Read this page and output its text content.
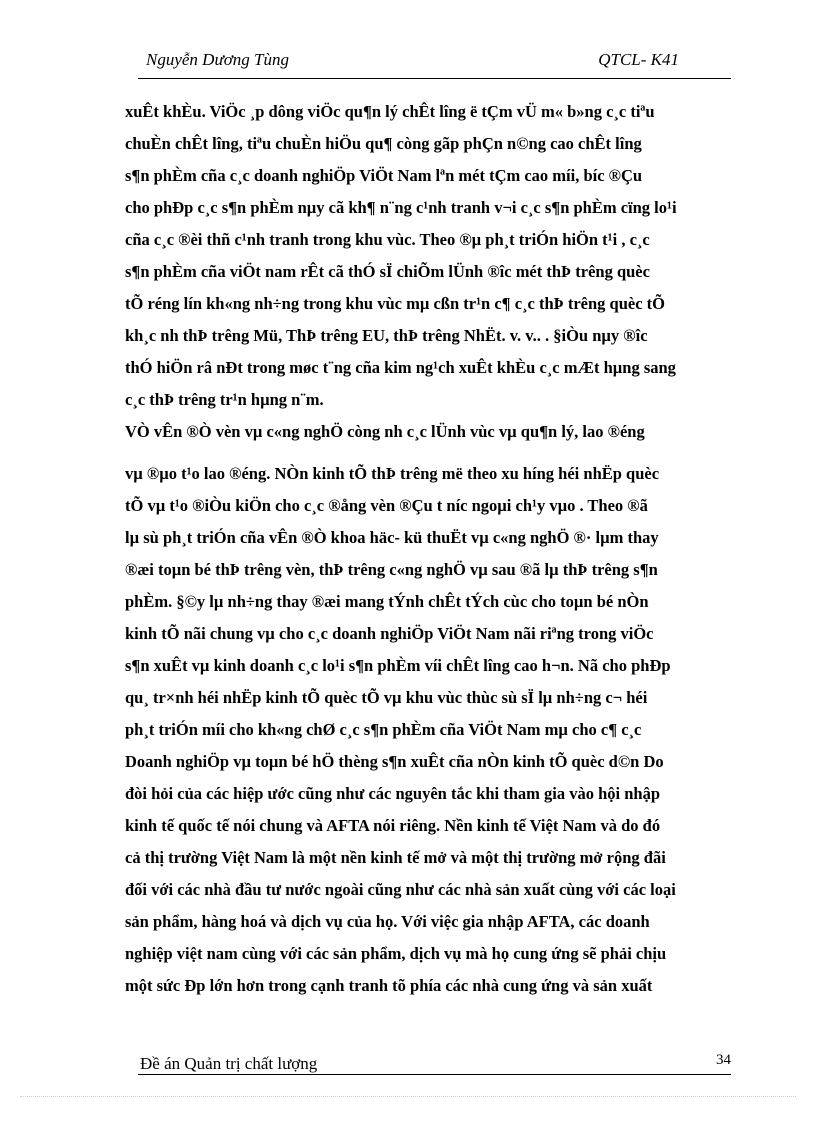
Nguyễn Dương Tùng	QTCL- K41
xuÊt khÈu. ViÖc ¸p dông viÖc qu¶n lý chÊt lîng ë tÇm vÜ m« b»ng c¸c tiªu
chuÈn chÊt lîng, tiªu chuÈn hiÖu qu¶ còng gãp phÇn n©ng cao chÊt lîng
s¶n phÈm cña c¸c doanh nghiÖp ViÖt Nam lªn mét tÇm cao míi, bíc ®Çu
cho phÐp c¸c s¶n phÈm nµy cã kh¶ n¨ng c¹nh tranh v¬i c¸c s¶n phÈm cïng lo¹i
cña c¸c ®èi thñ c¹nh tranh trong khu vùc. Theo ®µ ph¸t triÓn hiÖn t¹i , c¸c
s¶n phÈm cña viÖt nam rÊt cã thÓ sÏ chiÕm lÜnh ®îc mét thÞ trêng quèc
tÕ réng lín kh«ng nh÷ng trong khu vùc mµ cßn tr¹n c¶ c¸c thÞ trêng quèc tÕ
kh¸c nh thÞ trêng Mü, ThÞ trêng EU, thÞ trêng NhËt. v. v.. . §iÒu nµy ®îc
thÓ hiÖn râ nÐt trong møc t¨ng cña kim ng¹ch xuÊt khÈu c¸c mÆt hµng sang
c¸c thÞ trêng tr¹n hµng n¨m.
VÒ vÊn ®Ò vèn vµ c«ng nghÖ còng nh c¸c lÜnh vùc vµ qu¶n lý, lao ®éng
vµ ®µo t¹o lao ®éng. NÒn kinh tÕ thÞ trêng më theo xu híng héi nhËp quèc
tÕ vµ t¹o ®iÒu kiÖn cho c¸c ®ång vèn ®Çu t níc ngoµi ch¹y vµo . Theo ®ã
lµ sù ph¸t triÓn cña vÊn ®Ò khoa häc- kü thuËt vµ c«ng nghÖ ®· lµm thay
®æi toµn bé thÞ trêng vèn, thÞ trêng c«ng nghÖ vµ sau ®ã lµ thÞ trêng s¶n
phÈm. §©y lµ nh÷ng thay ®æi mang tÝnh chÊt tÝch cùc cho toµn bé nÒn
kinh tÕ nãi chung vµ cho c¸c doanh nghiÖp ViÖt Nam nãi riªng trong viÖc
s¶n xuÊt vµ kinh doanh c¸c lo¹i s¶n phÈm víi chÊt lîng cao h¬n. Nã cho phÐp
qu¸ tr×nh héi nhËp kinh tÕ quèc tÕ vµ khu vùc thùc sù sÏ lµ nh÷ng c¬ héi
ph¸t triÓn míi cho kh«ng chØ c¸c s¶n phÈm cña ViÖt Nam mµ cho c¶ c¸c
Doanh nghiÖp vµ toµn bé hÖ thèng s¶n xuÊt cña nÒn kinh tÕ quèc d©n Do
đòi hỏi của các hiệp ước cũng như các nguyên tắc khi tham gia vào hội nhập
kinh tế quốc tế nói chung và AFTA nói riêng. Nền kinh tế Việt Nam và do đó
cả thị trường Việt Nam là một nền kinh tế mở và một thị trường mở rộng đãi
đối với các nhà đầu tư nước ngoài cũng như các nhà sản xuất cùng với các loại
sản phẩm, hàng hoá và dịch vụ của họ. Với việc gia nhập AFTA, các doanh
nghiệp việt nam cùng với các sản phẩm, dịch vụ mà họ cung ứng sẽ phải chịu
một sức Ðp lớn hơn trong cạnh tranh tõ phía các nhà cung ứng và sản xuất
Đề án Quản trị chất lượng	34
